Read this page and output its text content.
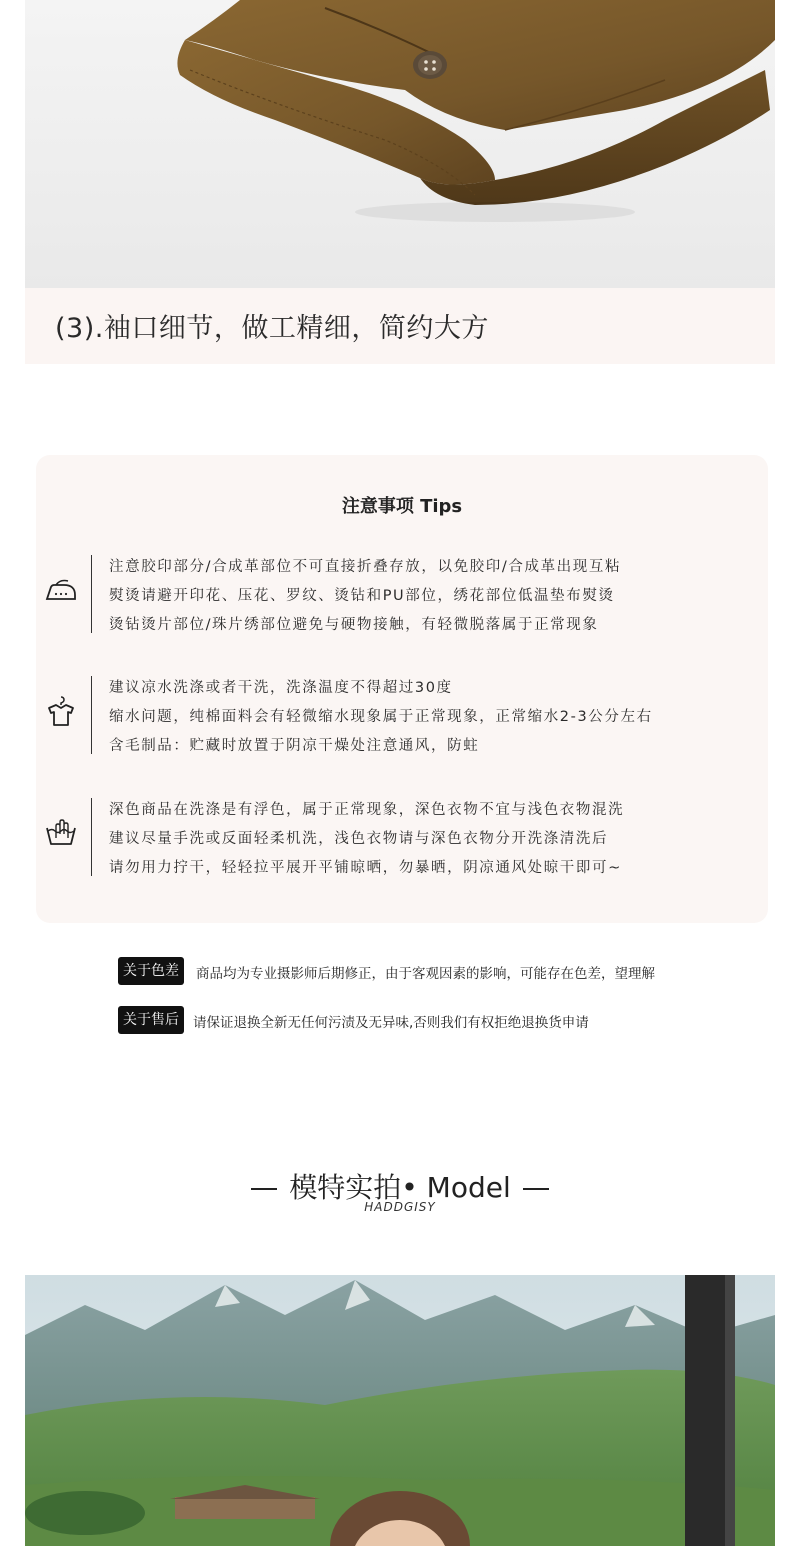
(3).袖口细节，做工精细，简约大方
注意事项 Tips
注意胶印部分/合成革部位不可直接折叠存放，以免胶印/合成革出现互粘
熨烫请避开印花、压花、罗纹、烫钻和PU部位，绣花部位低温垫布熨烫
烫钻烫片部位/珠片绣部位避免与硬物接触，有轻微脱落属于正常现象
建议凉水洗涤或者干洗，洗涤温度不得超过30度
缩水问题，纯棉面料会有轻微缩水现象属于正常现象，正常缩水2-3公分左右
含毛制品：贮藏时放置于阴凉干燥处注意通风，防蛀
深色商品在洗涤是有浮色，属于正常现象，深色衣物不宜与浅色衣物混洗
建议尽量手洗或反面轻柔机洗，浅色衣物请与深色衣物分开洗涤清洗后
请勿用力拧干，轻轻拉平展开平铺晾晒，勿暴晒，阴凉通风处晾干即可~
关于色差	商品均为专业摄影师后期修正，由于客观因素的影响，可能存在色差，望理解
关于售后	请保证退换全新无任何污渍及无异味,否则我们有权拒绝退换货申请
模特实拍• Model
HADDGISY
